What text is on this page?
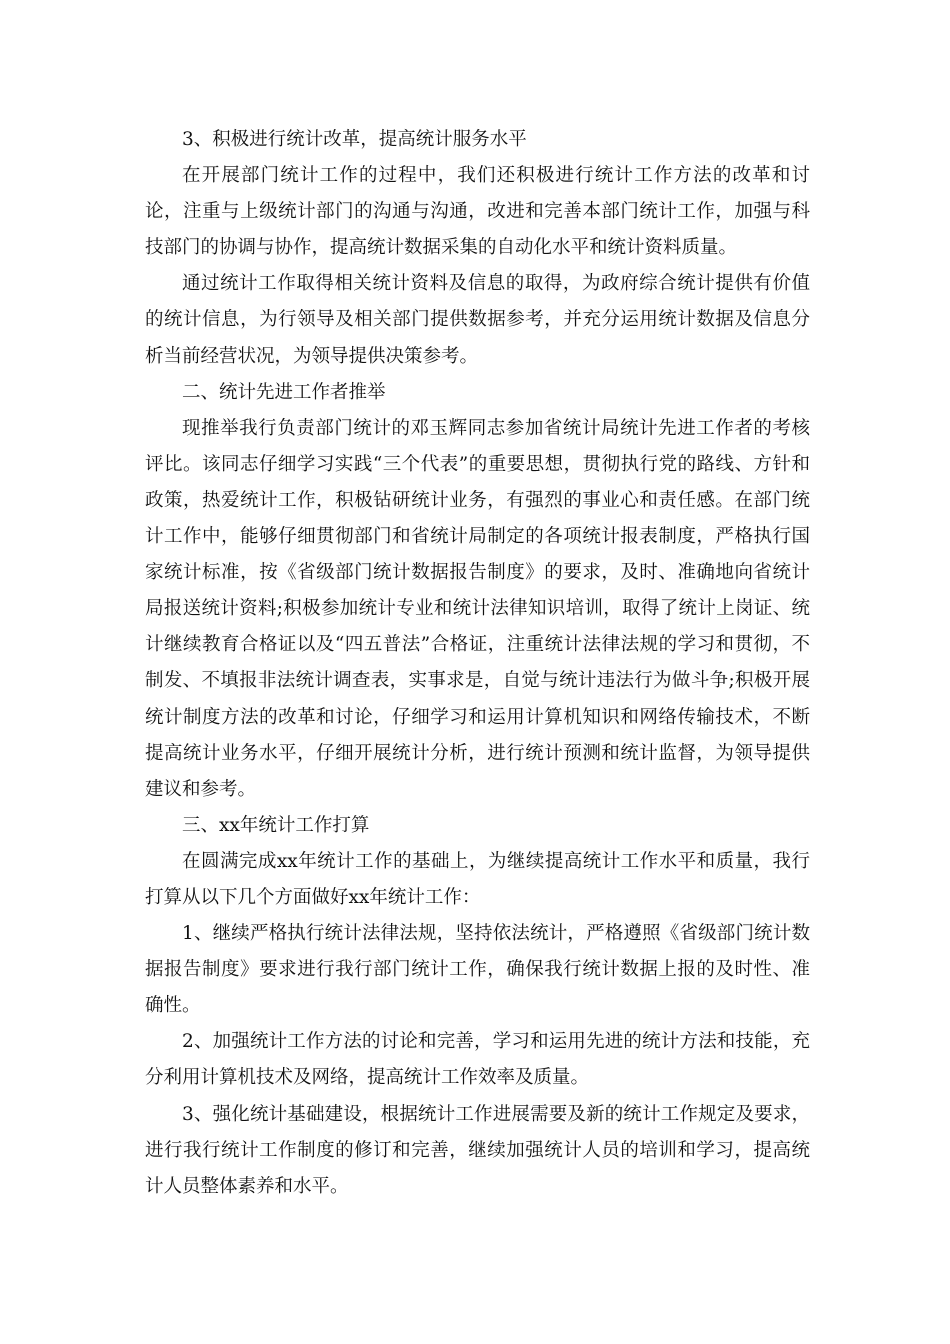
3、积极进行统计改革，提高统计服务水平

在开展部门统计工作的过程中，我们还积极进行统计工作方法的改革和讨论，注重与上级统计部门的沟通与沟通，改进和完善本部门统计工作，加强与科技部门的协调与协作，提高统计数据采集的自动化水平和统计资料质量。

通过统计工作取得相关统计资料及信息的取得，为政府综合统计提供有价值的统计信息，为行领导及相关部门提供数据参考，并充分运用统计数据及信息分析当前经营状况，为领导提供决策参考。

二、统计先进工作者推举

现推举我行负责部门统计的邓玉辉同志参加省统计局统计先进工作者的考核评比。该同志仔细学习实践“三个代表”的重要思想，贯彻执行党的路线、方针和政策，热爱统计工作，积极钻研统计业务，有强烈的事业心和责任感。在部门统计工作中，能够仔细贯彻部门和省统计局制定的各项统计报表制度，严格执行国家统计标准，按《省级部门统计数据报告制度》的要求，及时、准确地向省统计局报送统计资料;积极参加统计专业和统计法律知识培训，取得了统计上岗证、统计继续教育合格证以及“四五普法”合格证，注重统计法律法规的学习和贯彻，不制发、不填报非法统计调查表，实事求是，自觉与统计违法行为做斗争;积极开展统计制度方法的改革和讨论，仔细学习和运用计算机知识和网络传输技术，不断提高统计业务水平，仔细开展统计分析，进行统计预测和统计监督，为领导提供建议和参考。

三、xx年统计工作打算

在圆满完成xx年统计工作的基础上，为继续提高统计工作水平和质量，我行打算从以下几个方面做好xx年统计工作：

1、继续严格执行统计法律法规，坚持依法统计，严格遵照《省级部门统计数据报告制度》要求进行我行部门统计工作，确保我行统计数据上报的及时性、准确性。

2、加强统计工作方法的讨论和完善，学习和运用先进的统计方法和技能，充分利用计算机技术及网络，提高统计工作效率及质量。

3、强化统计基础建设，根据统计工作进展需要及新的统计工作规定及要求，进行我行统计工作制度的修订和完善，继续加强统计人员的培训和学习，提高统计人员整体素养和水平。
